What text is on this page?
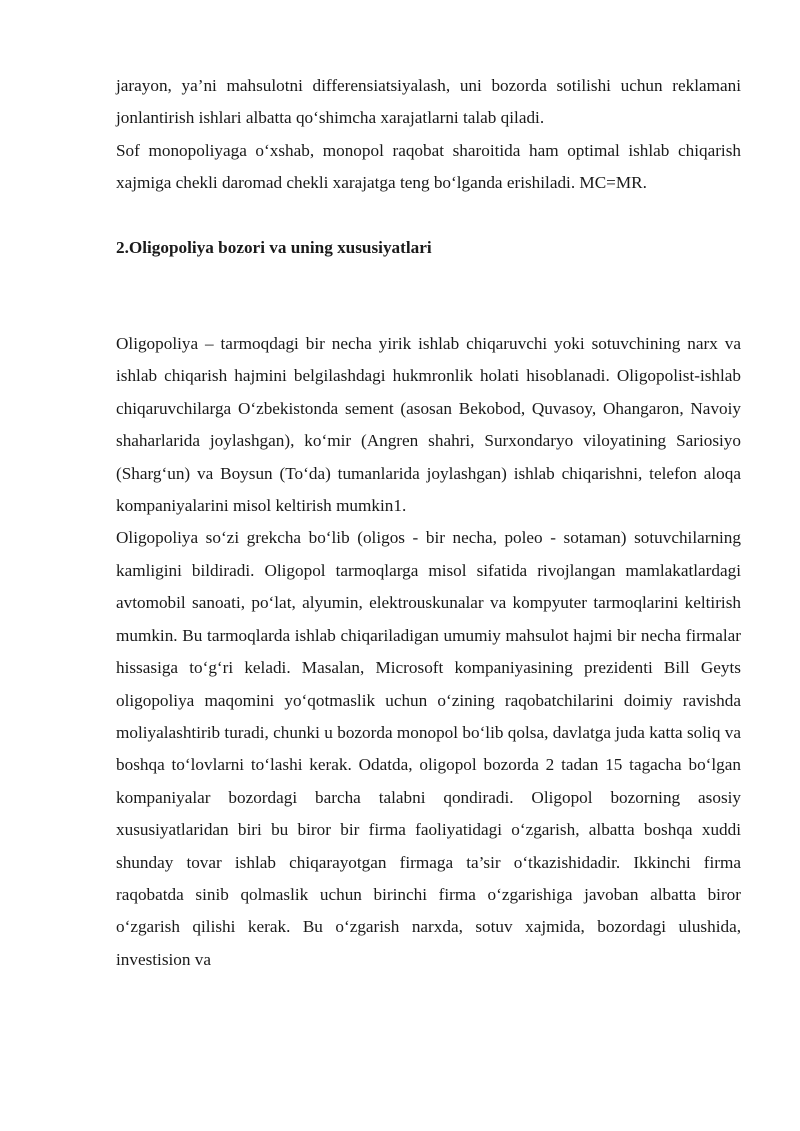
jarayon, ya’ni mahsulotni differensiatsiyalash, uni bozorda sotilishi uchun reklamani jonlantirish ishlari albatta qo‘shimcha xarajatlarni talab qiladi.

Sof monopoliyaga o‘xshab, monopol raqobat sharoitida ham optimal ishlab chiqarish xajmiga chekli daromad chekli xarajatga teng bo‘lganda erishiladi. MC=MR.

2.Oligopoliya bozori va uning xususiyatlari

Oligopoliya – tarmoqdagi bir necha yirik ishlab chiqaruvchi yoki sotuvchining narx va ishlab chiqarish hajmini belgilashdagi hukmronlik holati hisoblanadi. Oligopolist-ishlab chiqaruvchilarga O‘zbekistonda sement (asosan Bekobod, Quvasoy, Ohangaron, Navoiy shaharlarida joylashgan), ko‘mir (Angren shahri, Surxondaryo viloyatining Sariosiyo (Sharg‘un) va Boysun (To‘da) tumanlarida joylashgan) ishlab chiqarishni, telefon aloqa kompaniyalarini misol keltirish mumkin1.

Oligopoliya so‘zi grekcha bo‘lib (oligos - bir necha, poleo - sotaman) sotuvchilarning kamligini bildiradi. Oligopol tarmoqlarga misol sifatida rivojlangan mamlakatlardagi avtomobil sanoati, po‘lat, alyumin, elektrouskunalar va kompyuter tarmoqlarini keltirish mumkin. Bu tarmoqlarda ishlab chiqariladigan umumiy mahsulot hajmi bir necha firmalar hissasiga to‘g‘ri keladi. Masalan, Microsoft kompaniyasining prezidenti Bill Geyts oligopoliya maqomini yo‘qotmaslik uchun o‘zining raqobatchilarini doimiy ravishda moliyalashtirib turadi, chunki u bozorda monopol bo‘lib qolsa, davlatga juda katta soliq va boshqa to‘lovlarni to‘lashi kerak. Odatda, oligopol bozorda 2 tadan 15 tagacha bo‘lgan kompaniyalar bozordagi barcha talabni qondiradi. Oligopol bozorning asosiy xususiyatlaridan biri bu biror bir firma faoliyatidagi o‘zgarish, albatta boshqa xuddi shunday tovar ishlab chiqarayotgan firmaga ta’sir o‘tkazishidadir. Ikkinchi firma raqobatda sinib qolmaslik uchun birinchi firma o‘zgarishiga javoban albatta biror o‘zgarish qilishi kerak. Bu o‘zgarish narxda, sotuv xajmida, bozordagi ulushida, investision va
